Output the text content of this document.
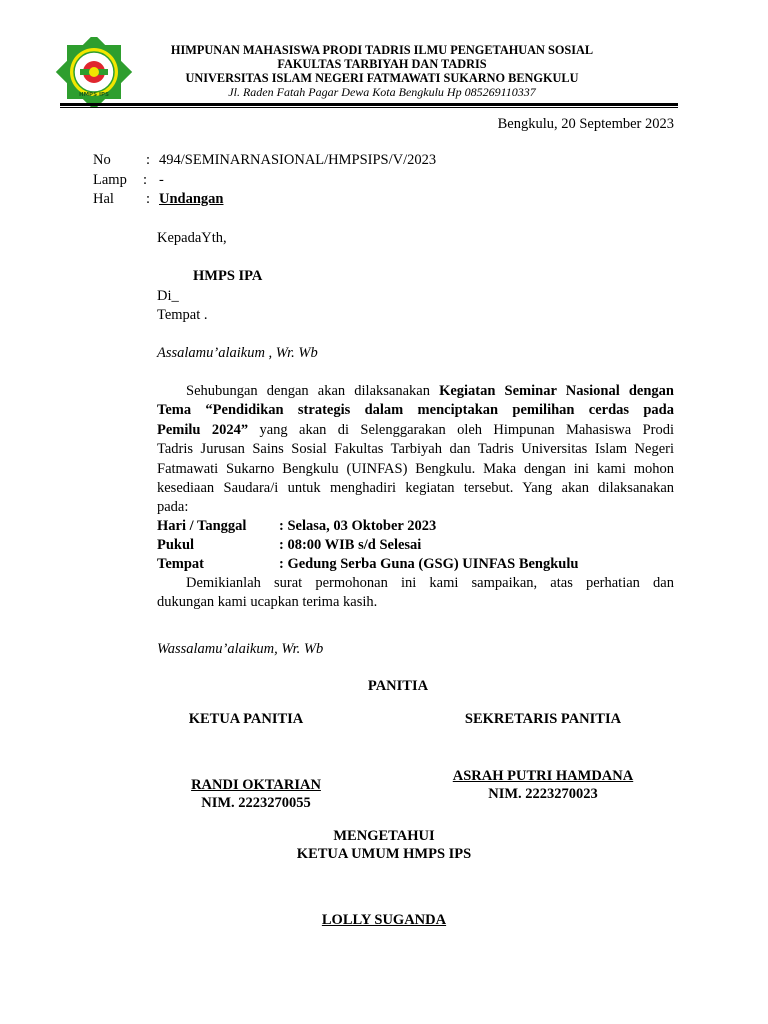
HMPS IPS
HIMPUNAN MAHASISWA PRODI TADRIS ILMU PENGETAHUAN SOSIAL
FAKULTAS TARBIYAH DAN TADRIS
UNIVERSITAS ISLAM NEGERI FATMAWATI SUKARNO BENGKULU
Jl. Raden Fatah Pagar Dewa Kota Bengkulu Hp 085269110337
Bengkulu, 20 September 2023
No : 494/SEMINARNASIONAL/HMPSIPS/V/2023
Lamp : -
Hal : Undangan
KepadaYth,
HMPS IPA
Di_
Tempat .
Assalamu’alaikum , Wr. Wb
Sehubungan dengan akan dilaksanakan Kegiatan Seminar Nasional dengan
Tema “Pendidikan strategis dalam menciptakan pemilihan cerdas pada
Pemilu 2024” yang akan di Selenggarakan oleh Himpunan Mahasiswa Prodi
Tadris Jurusan Sains Sosial Fakultas Tarbiyah dan Tadris Universitas Islam Negeri
Fatmawati Sukarno Bengkulu (UINFAS) Bengkulu. Maka dengan ini kami mohon
kesediaan Saudara/i untuk menghadiri kegiatan tersebut. Yang akan dilaksanakan
pada:
Hari / Tanggal : Selasa, 03 Oktober 2023
Pukul	: 08:00 WIB s/d Selesai
Tempat	: Gedung Serba Guna (GSG) UINFAS Bengkulu
Demikianlah surat permohonan ini kami sampaikan, atas perhatian dan
dukungan kami ucapkan terima kasih.
Wassalamu’alaikum, Wr. Wb
PANITIA
KETUA PANITIA	SEKRETARIS PANITIA
RANDI OKTARIAN
NIM. 2223270055
ASRAH PUTRI HAMDANA
NIM. 2223270023
MENGETAHUI
KETUA UMUM HMPS IPS
LOLLY SUGANDA
